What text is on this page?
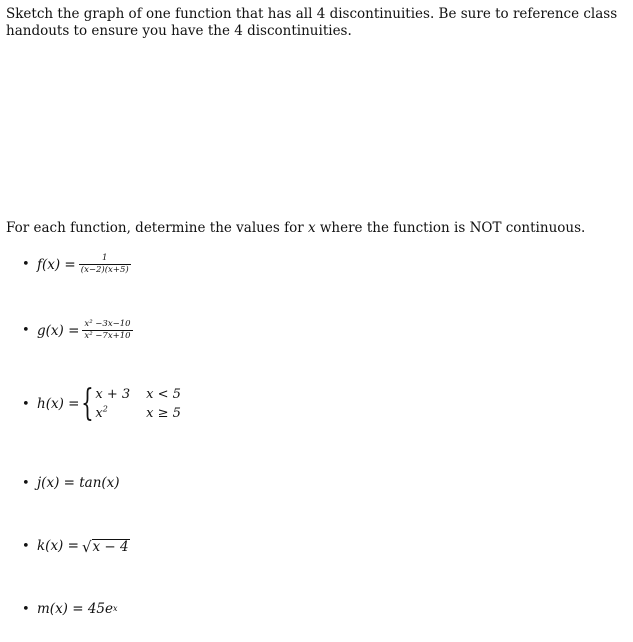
Sketch the graph of one function that has all 4 discontinuities. Be sure to reference class handouts to ensure you have the 4 discontinuities.

For each function, determine the values for x where the function is NOT continuous.

• $f(x) = \frac{1}{(x-2)(x+5)}$
• $g(x) = \frac{\text{x² −3x−10}}{\text{x² −7x+10}}$
• h(x) = { x + 3 x < 5
$x^2$	x ≥ 5
• j(x) = tan(x)
• k(x) = √ x − 4
• m(x) = 45e x
